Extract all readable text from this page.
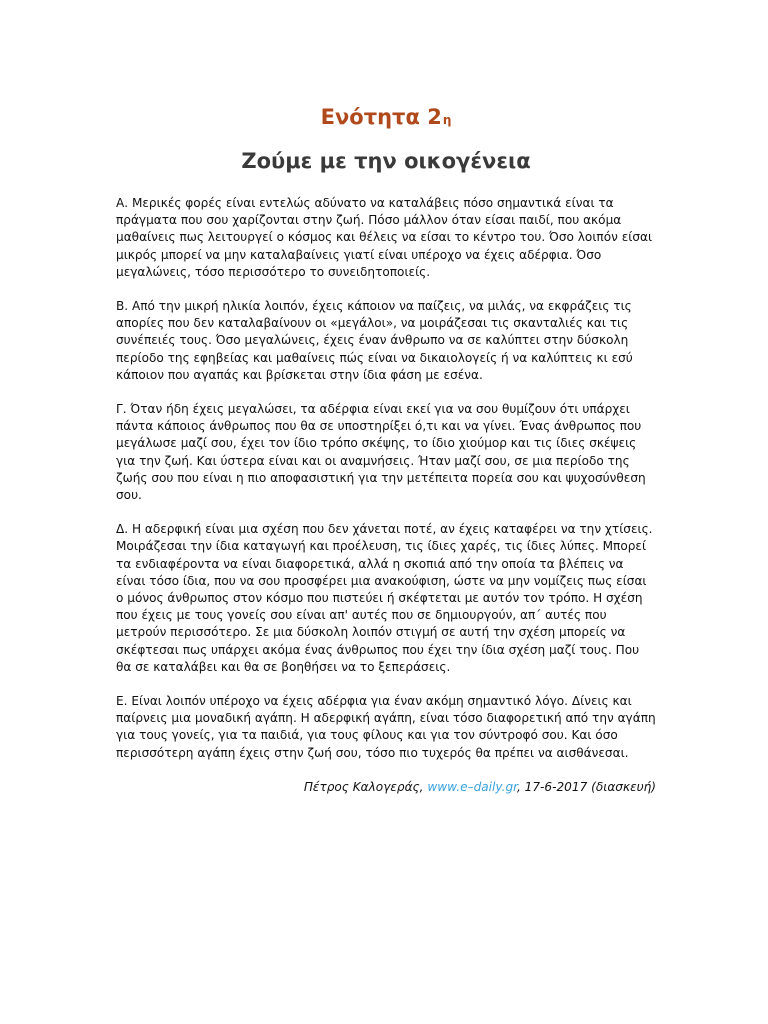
Ενότητα 2η
Ζούμε με την οικογένεια

Α. Μερικές φορές είναι εντελώς αδύνατο να καταλάβεις πόσο σημαντικά είναι τα πράγματα που σου χαρίζονται στην ζωή. Πόσο μάλλον όταν είσαι παιδί, που ακόμα μαθαίνεις πως λειτουργεί ο κόσμος και θέλεις να είσαι το κέντρο του. Όσο λοιπόν είσαι μικρός μπορεί να μην καταλαβαίνεις γιατί είναι υπέροχο να έχεις αδέρφια. Όσο μεγαλώνεις, τόσο περισσότερο το συνειδητοποιείς.

Β. Από την μικρή ηλικία λοιπόν, έχεις κάποιον να παίζεις, να μιλάς, να εκφράζεις τις απορίες που δεν καταλαβαίνουν οι «μεγάλοι», να μοιράζεσαι τις σκανταλιές και τις συνέπειές τους. Όσο μεγαλώνεις, έχεις έναν άνθρωπο να σε καλύπτει στην δύσκολη περίοδο της εφηβείας και μαθαίνεις πώς είναι να δικαιολογείς ή να καλύπτεις κι εσύ κάποιον που αγαπάς και βρίσκεται στην ίδια φάση με εσένα.

Γ. Όταν ήδη έχεις μεγαλώσει, τα αδέρφια είναι εκεί για να σου θυμίζουν ότι υπάρχει πάντα κάποιος άνθρωπος που θα σε υποστηρίξει ό,τι και να γίνει. Ένας άνθρωπος που μεγάλωσε μαζί σου, έχει τον ίδιο τρόπο σκέψης, το ίδιο χιούμορ και τις ίδιες σκέψεις για την ζωή. Και ύστερα είναι και οι αναμνήσεις. Ήταν μαζί σου, σε μια περίοδο της ζωής σου που είναι η πιο αποφασιστική για την μετέπειτα πορεία σου και ψυχοσύνθεση σου.

Δ. Η αδερφική είναι μια σχέση που δεν χάνεται ποτέ, αν έχεις καταφέρει να την χτίσεις. Μοιράζεσαι την ίδια καταγωγή και προέλευση, τις ίδιες χαρές, τις ίδιες λύπες. Μπορεί τα ενδιαφέροντα να είναι διαφορετικά, αλλά η σκοπιά από την οποία τα βλέπεις να είναι τόσο ίδια, που να σου προσφέρει μια ανακούφιση, ώστε να μην νομίζεις πως είσαι ο μόνος άνθρωπος στον κόσμο που πιστεύει ή σκέφτεται με αυτόν τον τρόπο. Η σχέση που έχεις με τους γονείς σου είναι απ' αυτές που σε δημιουργούν, απ΄ αυτές που μετρούν περισσότερο. Σε μια δύσκολη λοιπόν στιγμή σε αυτή την σχέση μπορείς να σκέφτεσαι πως υπάρχει ακόμα ένας άνθρωπος που έχει την ίδια σχέση μαζί τους. Που θα σε καταλάβει και θα σε βοηθήσει να το ξεπεράσεις.

Ε. Είναι λοιπόν υπέροχο να έχεις αδέρφια για έναν ακόμη σημαντικό λόγο. Δίνεις και παίρνεις μια μοναδική αγάπη. Η αδερφική αγάπη, είναι τόσο διαφορετική από την αγάπη για τους γονείς, για τα παιδιά, για τους φίλους και για τον σύντροφό σου. Και όσο περισσότερη αγάπη έχεις στην ζωή σου, τόσο πιο τυχερός θα πρέπει να αισθάνεσαι.

Πέτρος Καλογεράς, www.e–daily.gr, 17-6-2017 (διασκευή)
